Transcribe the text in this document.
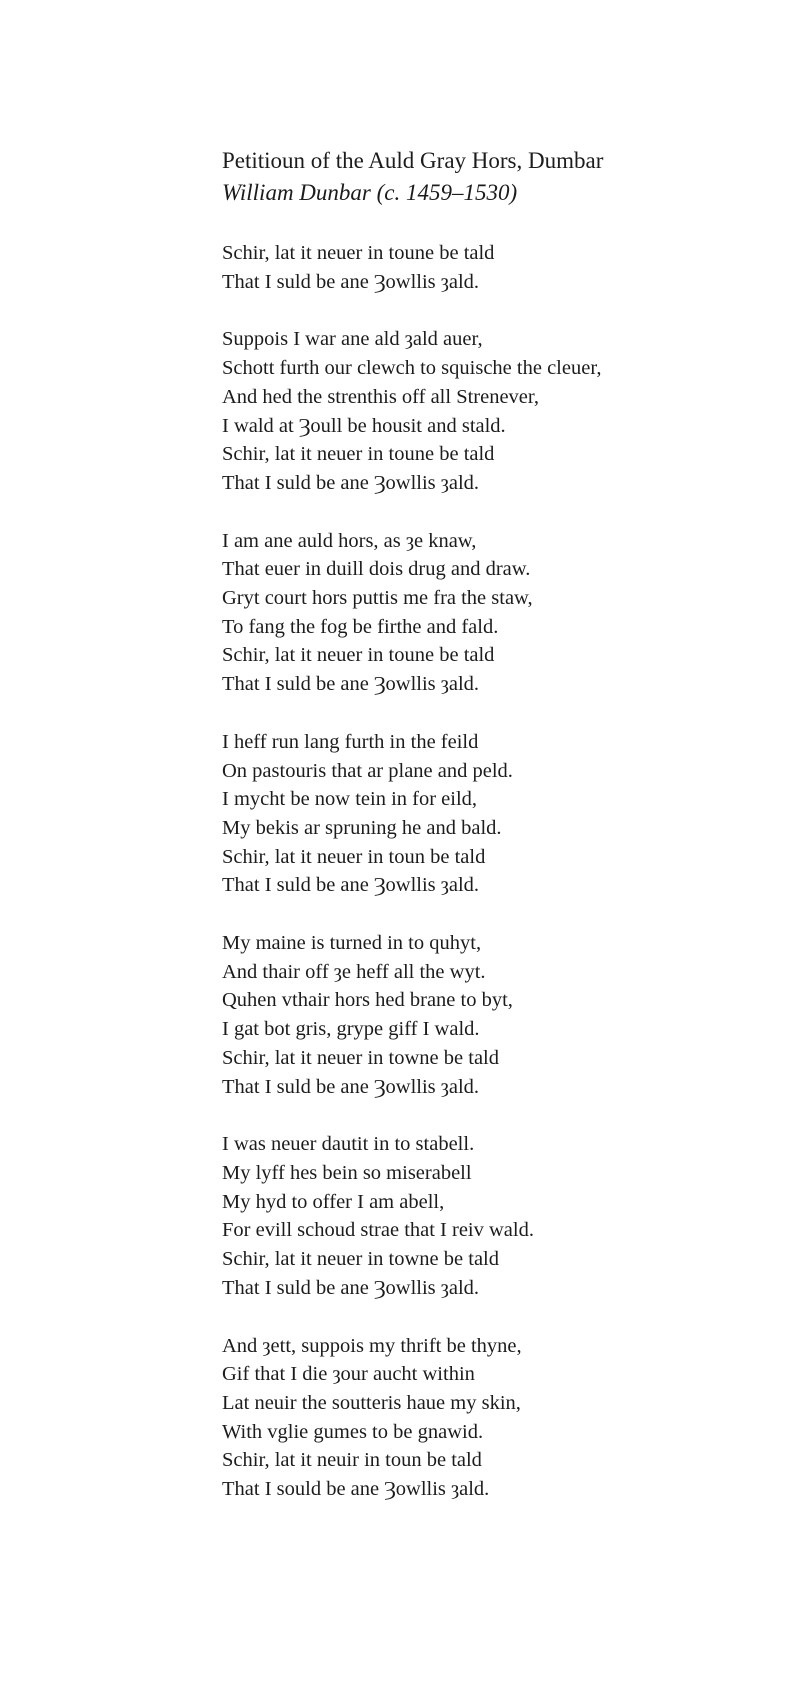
Petitioun of the Auld Gray Hors, Dumbar
William Dunbar (c. 1459–1530)
Schir, lat it neuer in toune be tald
That I suld be ane Ȝowllis ȝald.
Suppois I war ane ald ȝald auer,
Schott furth our clewch to squische the cleuer,
And hed the strenthis off all Strenever,
I wald at Ȝoull be housit and stald.
Schir, lat it neuer in toune be tald
That I suld be ane Ȝowllis ȝald.
I am ane auld hors, as ȝe knaw,
That euer in duill dois drug and draw.
Gryt court hors puttis me fra the staw,
To fang the fog be firthe and fald.
Schir, lat it neuer in toune be tald
That I suld be ane Ȝowllis ȝald.
I heff run lang furth in the feild
On pastouris that ar plane and peld.
I mycht be now tein in for eild,
My bekis ar spruning he and bald.
Schir, lat it neuer in toun be tald
That I suld be ane Ȝowllis ȝald.
My maine is turned in to quhyt,
And thair off ȝe heff all the wyt.
Quhen vthair hors hed brane to byt,
I gat bot gris, grype giff I wald.
Schir, lat it neuer in towne be tald
That I suld be ane Ȝowllis ȝald.
I was neuer dautit in to stabell.
My lyff hes bein so miserabell
My hyd to offer I am abell,
For evill schoud strae that I reiv wald.
Schir, lat it neuer in towne be tald
That I suld be ane Ȝowllis ȝald.
And ȝett, suppois my thrift be thyne,
Gif that I die ȝour aucht within
Lat neuir the soutteris haue my skin,
With vglie gumes to be gnawid.
Schir, lat it neuir in toun be tald
That I sould be ane Ȝowllis ȝald.
